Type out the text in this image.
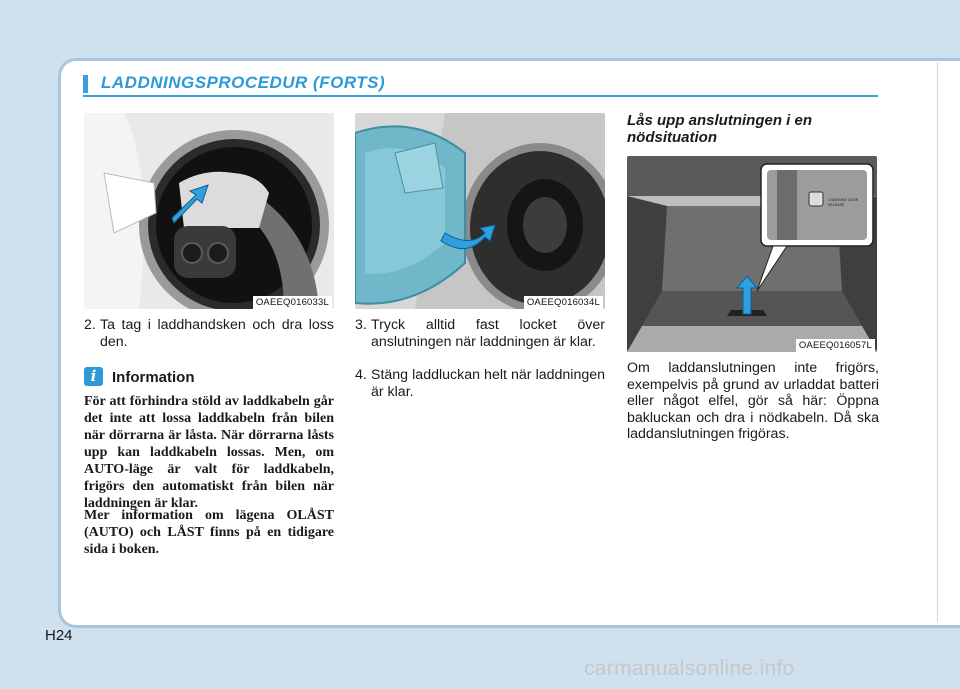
LADDNINGSPROCEDUR (FORTS)
OAEEQ016033L	OAEEQ016034L
CHARGING DOOR RELEASE
OAEEQ016057L
2. Ta tag i laddhandsken och dra loss den.
i	Information
För att förhindra stöld av laddkabeln går det inte att lossa laddkabeln från bilen när dörrarna är låsta. När dörrarna låsts upp kan laddkabeln lossas. Men, om AUTO-läge är valt för laddkabeln, frigörs den automatiskt från bilen när laddningen är klar.
Mer information om lägena OLÅST (AUTO) och LÅST finns på en tidigare sida i boken.
3. Tryck alltid fast locket över anslutningen när laddningen är klar.
4. Stäng laddluckan helt när laddningen är klar.
Lås upp anslutningen i en nödsituation
Om laddanslutningen inte frigörs, exempelvis på grund av urladdat batteri eller något elfel, gör så här: Öppna bakluckan och dra i nödkabeln. Då ska laddanslutningen frigöras.
H24
carmanualsonline.info
